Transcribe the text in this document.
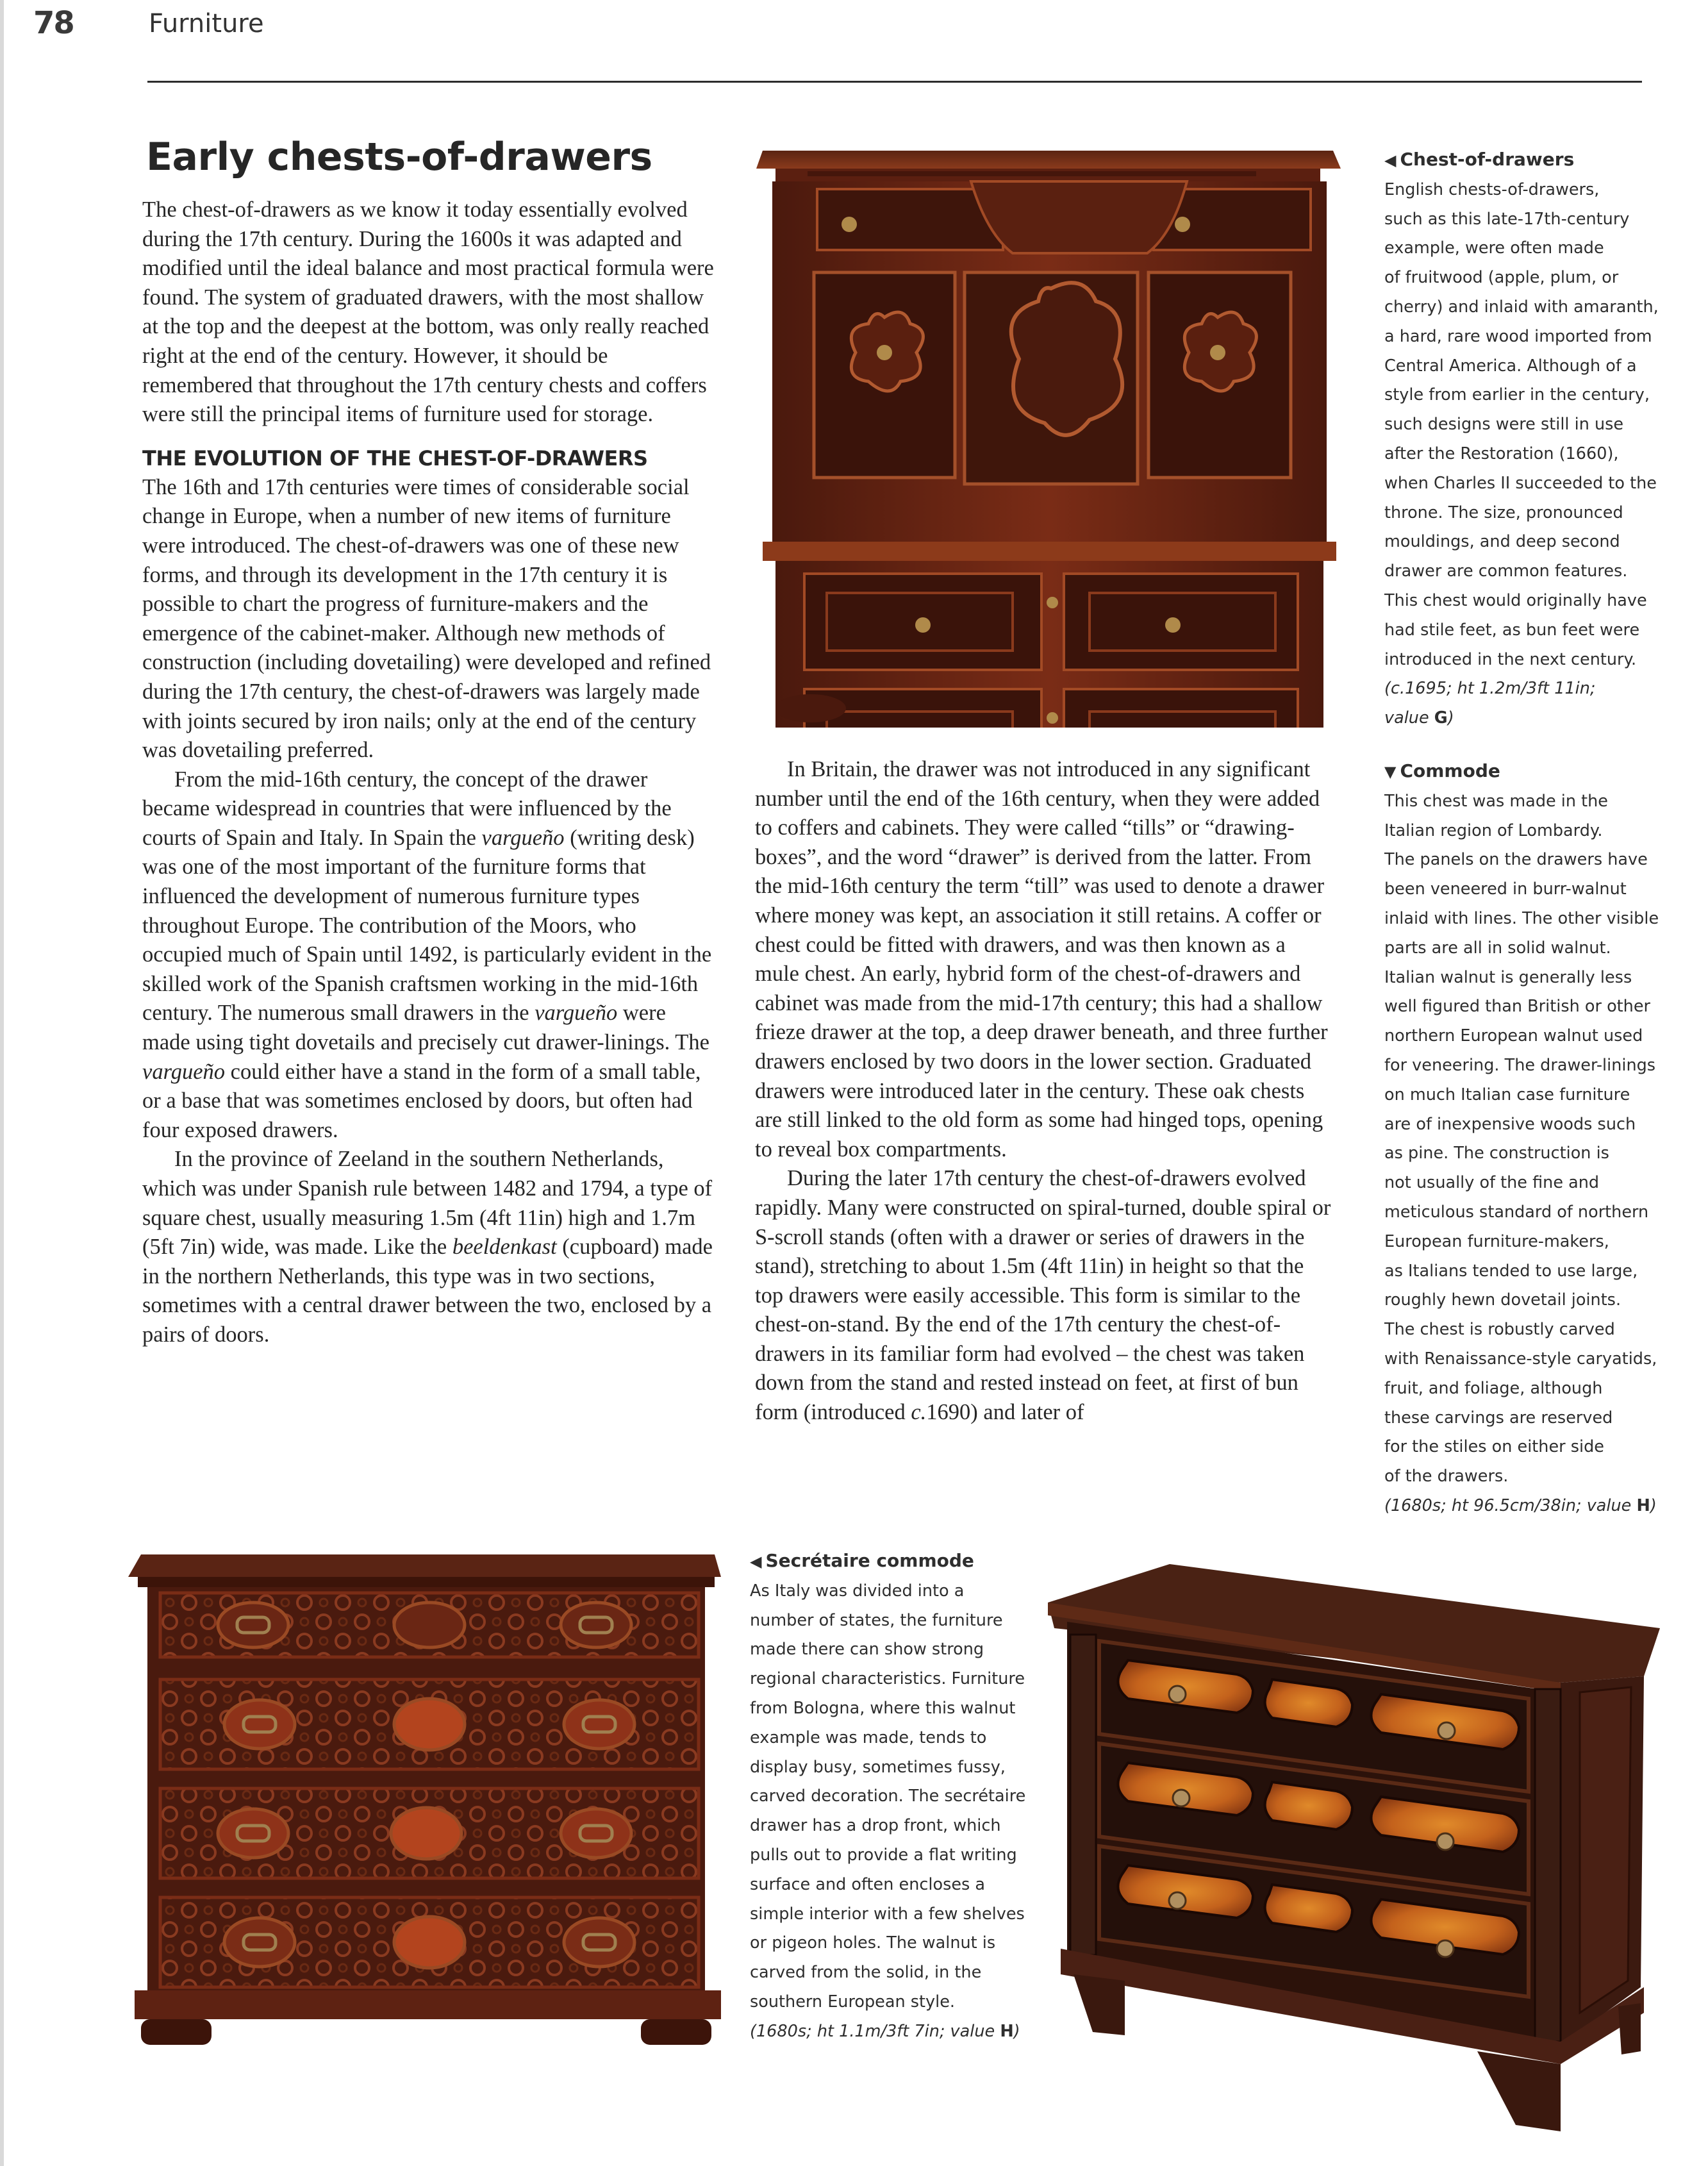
78	Furniture
Early chests-of-drawers

The chest-of-drawers as we know it today essentially evolved during the 17th century. During the 1600s it was adapted and modified until the ideal balance and most practical formula were found. The system of graduated drawers, with the most shallow at the top and the deepest at the bottom, was only really reached right at the end of the century. However, it should be remembered that throughout the 17th century chests and coffers were still the principal items of furniture used for storage.

THE EVOLUTION OF THE CHEST-OF-DRAWERS

The 16th and 17th centuries were times of considerable social change in Europe, when a number of new items of furniture were introduced. The chest-of-drawers was one of these new forms, and through its development in the 17th century it is possible to chart the progress of furniture-makers and the emergence of the cabinet-maker. Although new methods of construction (including dovetailing) were developed and refined during the 17th century, the chest-of-drawers was largely made with joints secured by iron nails; only at the end of the century was dovetailing preferred.

From the mid-16th century, the concept of the drawer became widespread in countries that were influenced by the courts of Spain and Italy. In Spain the vargueño (writing desk) was one of the most important of the furniture forms that influenced the development of numerous furniture types throughout Europe. The contribution of the Moors, who occupied much of Spain until 1492, is particularly evident in the skilled work of the Spanish craftsmen working in the mid-16th century. The numerous small drawers in the vargueño were made using tight dovetails and precisely cut drawer-linings. The vargueño could either have a stand in the form of a small table, or a base that was sometimes enclosed by doors, but often had four exposed drawers.

In the province of Zeeland in the southern Netherlands, which was under Spanish rule between 1482 and 1794, a type of square chest, usually measuring 1.5m (4ft 11in) high and 1.7m (5ft 7in) wide, was made. Like the beeldenkast (cupboard) made in the northern Netherlands, this type was in two sections, sometimes with a central drawer between the two, enclosed by a pairs of doors.

◀ Chest-of-drawers
English chests-of-drawers,
such as this late-17th-century
example, were often made
of fruitwood (apple, plum, or
cherry) and inlaid with amaranth,
a hard, rare wood imported from
Central America. Although of a
style from earlier in the century,
such designs were still in use
after the Restoration (1660),
when Charles II succeeded to the
throne. The size, pronounced
mouldings, and deep second
drawer are common features.
This chest would originally have
had stile feet, as bun feet were
introduced in the next century.
(c.1695; ht 1.2m/3ft 11in;
value G)
▼ Commode
This chest was made in the
Italian region of Lombardy.
The panels on the drawers have
been veneered in burr-walnut
inlaid with lines. The other visible
parts are all in solid walnut.
Italian walnut is generally less
well figured than British or other
northern European walnut used
for veneering. The drawer-linings
on much Italian case furniture
are of inexpensive woods such
as pine. The construction is
not usually of the fine and
meticulous standard of northern
European furniture-makers,
as Italians tended to use large,
roughly hewn dovetail joints.
The chest is robustly carved
with Renaissance-style caryatids,
fruit, and foliage, although
these carvings are reserved
for the stiles on either side
of the drawers.
(1680s; ht 96.5cm/38in; value H)

In Britain, the drawer was not introduced in any significant number until the end of the 16th century, when they were added to coffers and cabinets. They were called “tills” or “drawing-boxes”, and the word “drawer” is derived from the latter. From the mid-16th century the term “till” was used to denote a drawer where money was kept, an association it still retains. A coffer or chest could be fitted with drawers, and was then known as a mule chest. An early, hybrid form of the chest-of-drawers and cabinet was made from the mid-17th century; this had a shallow frieze drawer at the top, a deep drawer beneath, and three further drawers enclosed by two doors in the lower section. Graduated drawers were introduced later in the century. These oak chests are still linked to the old form as some had hinged tops, opening to reveal box compartments.

During the later 17th century the chest-of-drawers evolved rapidly. Many were constructed on spiral-turned, double spiral or S-scroll stands (often with a drawer or series of drawers in the stand), stretching to about 1.5m (4ft 11in) in height so that the top drawers were easily accessible. This form is similar to the chest-on-stand. By the end of the 17th century the chest-of-drawers in its familiar form had evolved – the chest was taken down from the stand and rested instead on feet, at first of bun form (introduced c.1690) and later of

◀ Secrétaire commode
As Italy was divided into a
number of states, the furniture
made there can show strong
regional characteristics. Furniture
from Bologna, where this walnut
example was made, tends to
display busy, sometimes fussy,
carved decoration. The secrétaire
drawer has a drop front, which
pulls out to provide a flat writing
surface and often encloses a
simple interior with a few shelves
or pigeon holes. The walnut is
carved from the solid, in the
southern European style.
(1680s; ht 1.1m/3ft 7in; value H)
